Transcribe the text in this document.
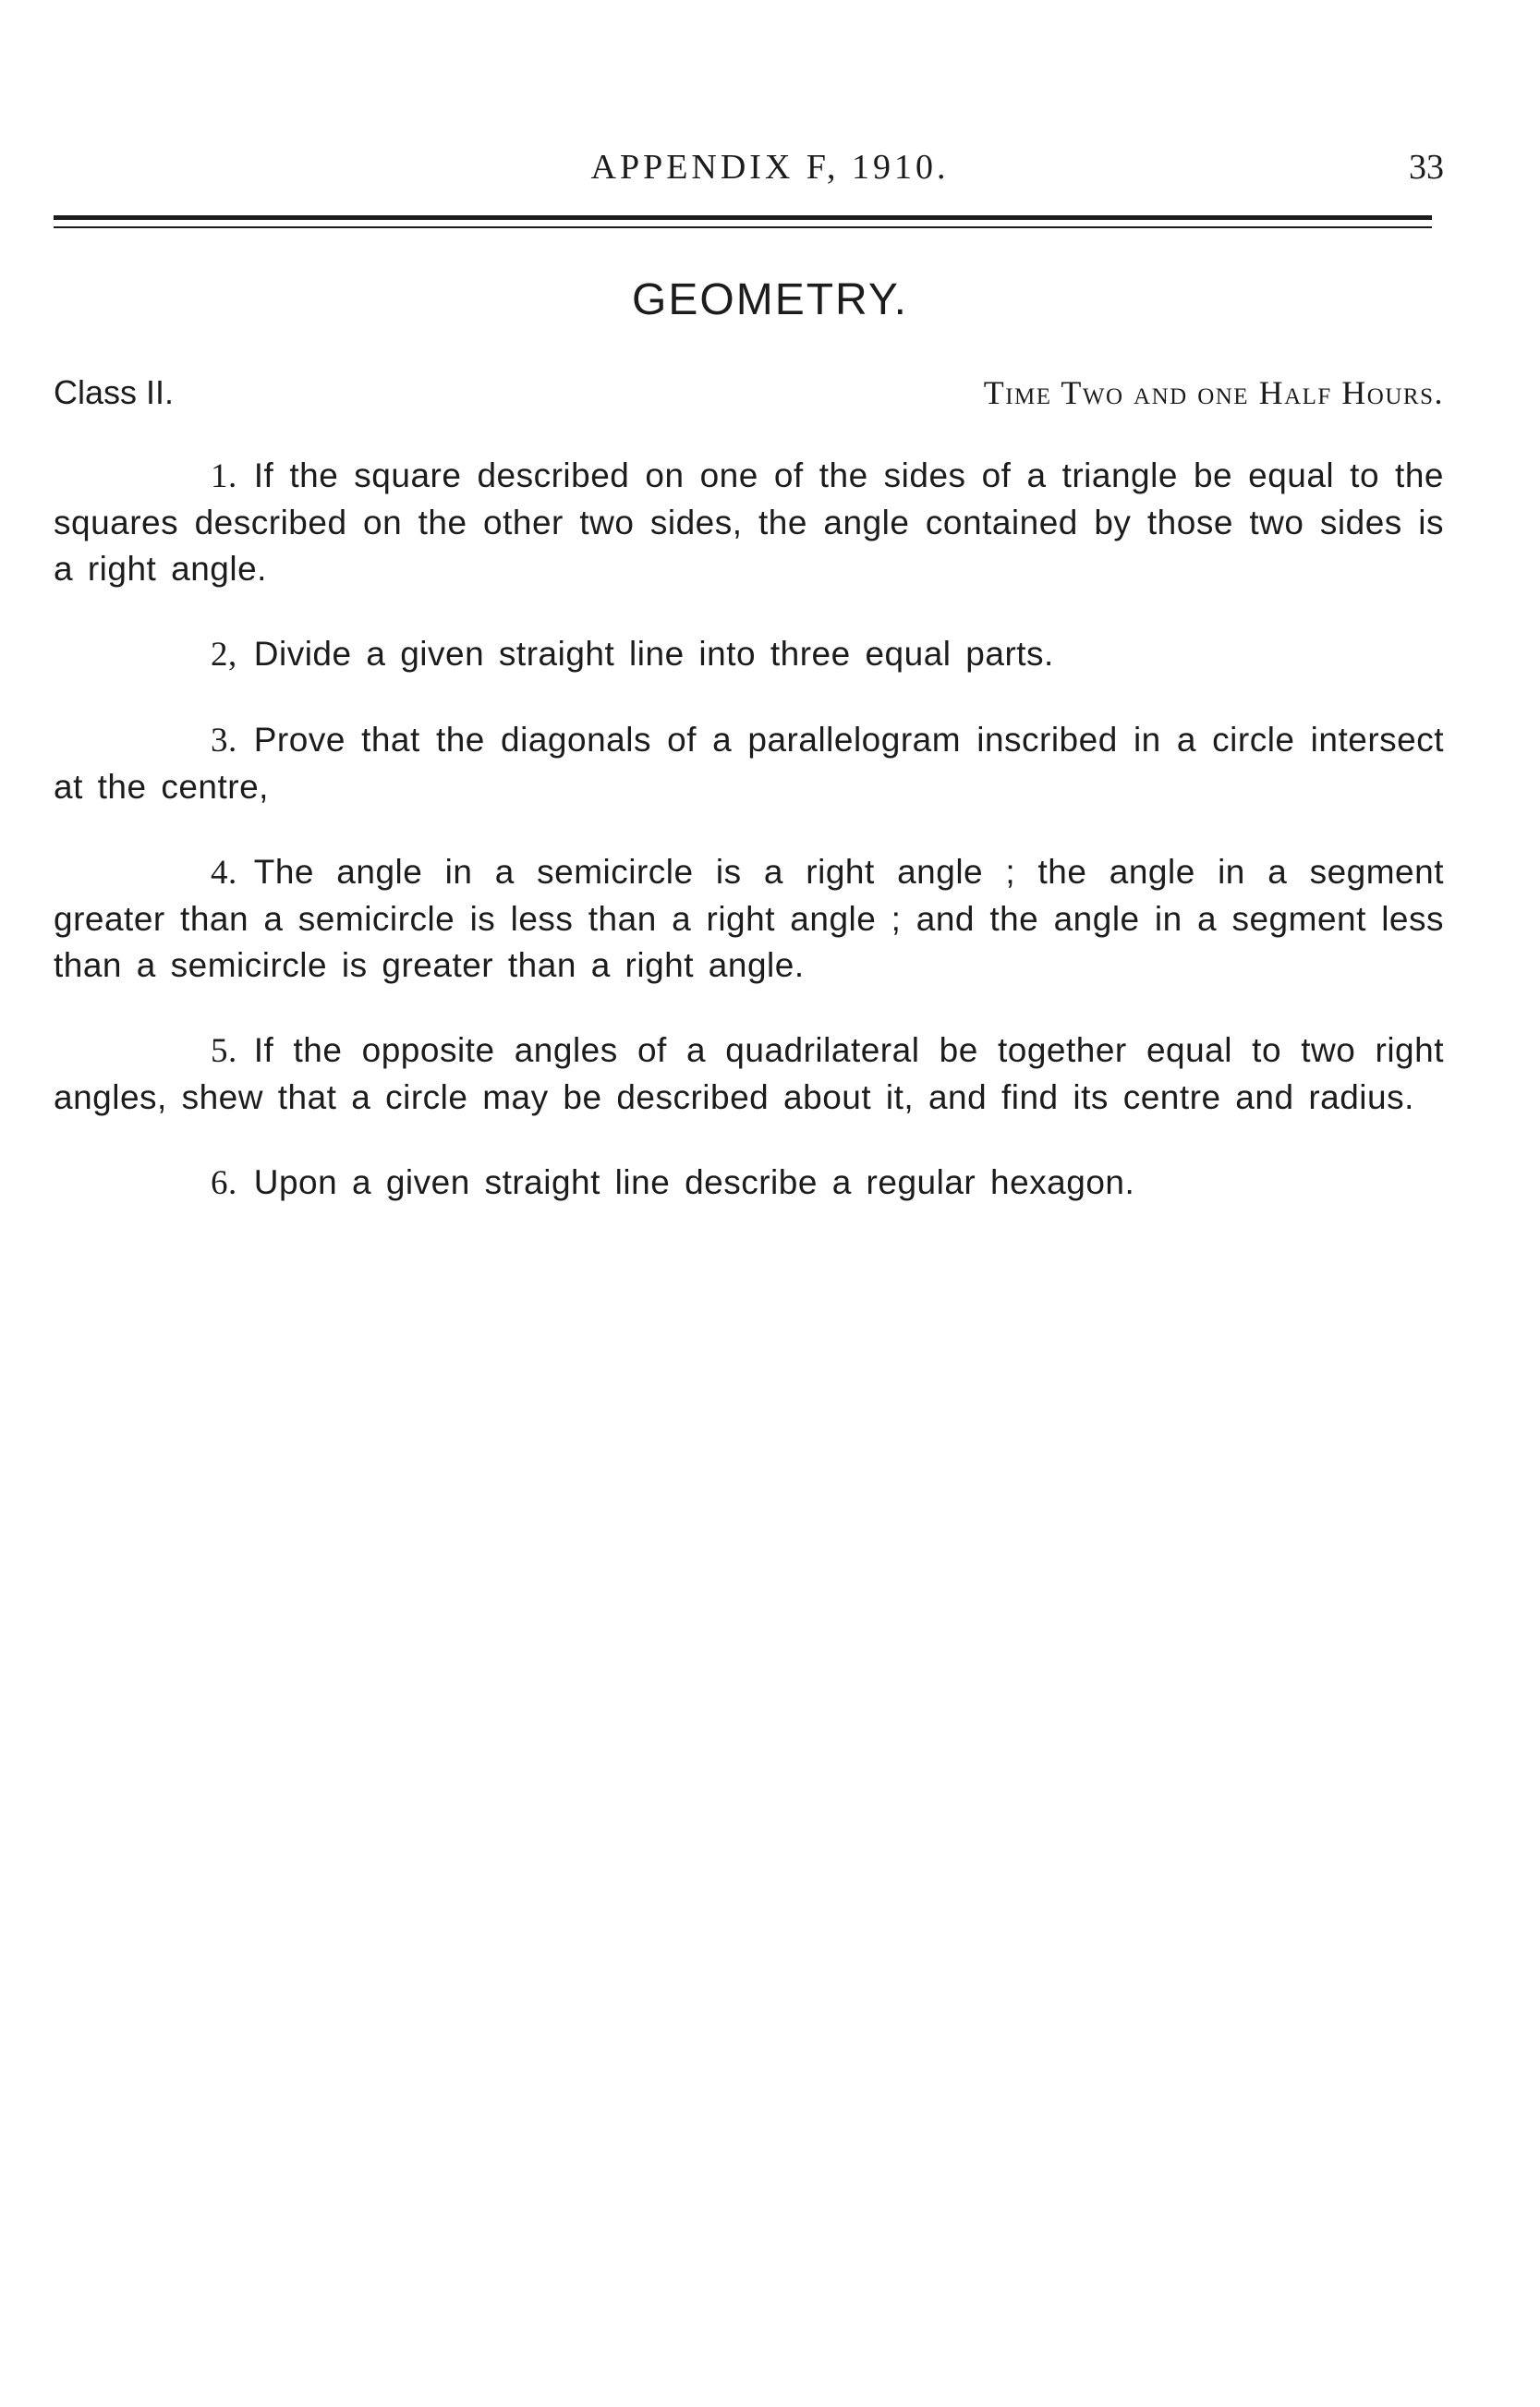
APPENDIX F, 1910.	33
GEOMETRY.
Class II.	Time Two and one Half Hours.

1. If the square described on one of the sides of a triangle be equal to the squares described on the other two sides, the angle contained by those two sides is a right angle.

2, Divide a given straight line into three equal parts.

3. Prove that the diagonals of a parallelogram inscribed in a circle intersect at the centre,

4. The angle in a semicircle is a right angle ; the angle in a segment greater than a semicircle is less than a right angle ; and the angle in a segment less than a semicircle is greater than a right angle.

5. If the opposite angles of a quadrilateral be together equal to two right angles, shew that a circle may be described about it, and find its centre and radius.

6. Upon a given straight line describe a regular hexagon.
